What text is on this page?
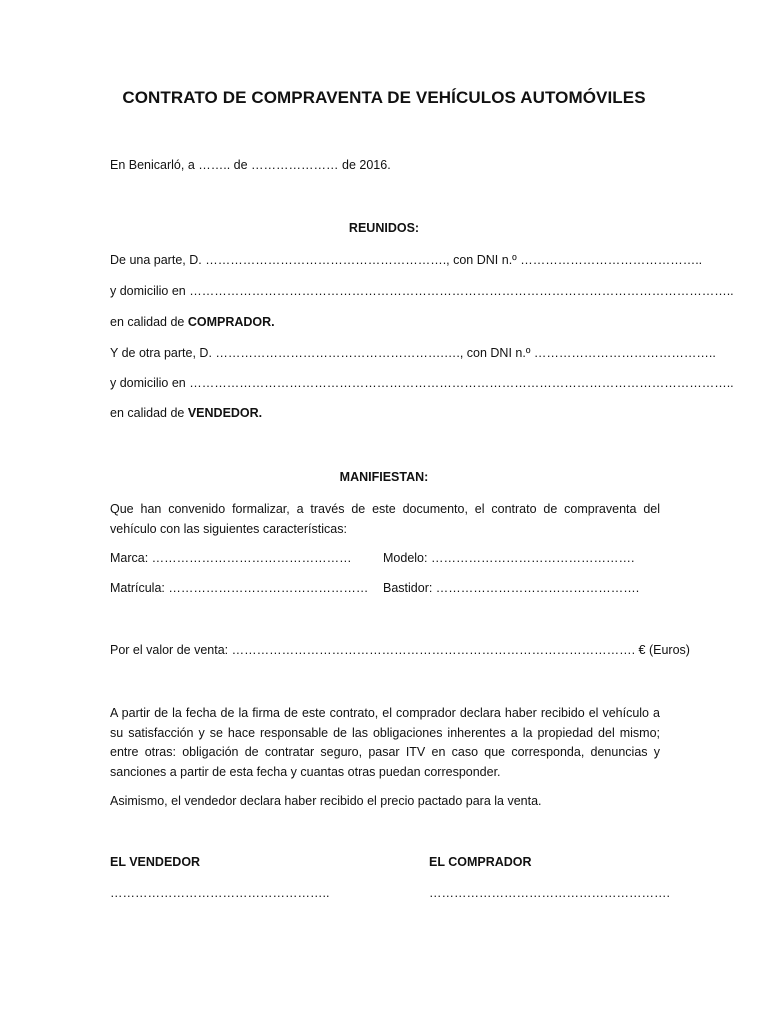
CONTRATO DE COMPRAVENTA DE VEHÍCULOS AUTOMÓVILES
En Benicarló, a …….. de ………………… de 2016.
REUNIDOS:
De una parte, D. …………………………………………………., con DNI n.º ……………………………………..
y domicilio en …………………………………………………………………………………………………………………..
en calidad de COMPRADOR.
Y de otra parte, D. ……………………………………………….…., con DNI n.º ……………………………………..
y domicilio en …………………………………………………………………………………………………………………..
en calidad de VENDEDOR.
MANIFIESTAN:
Que han convenido formalizar, a través de este documento, el contrato de compraventa del vehículo con las siguientes características:
Marca: …………………………………………	Modelo: ………………………………………….
Matrícula: ………………………………………… Bastidor: ………………………………………….
Por el valor de venta: ……………………………………………………………………………………. € (Euros)
A partir de la fecha de la firma de este contrato, el comprador declara haber recibido el vehículo a su satisfacción y se hace responsable de las obligaciones inherentes a la propiedad del mismo; entre otras: obligación de contratar seguro, pasar ITV en caso que corresponda, denuncias y sanciones a partir de esta fecha y cuantas otras puedan corresponder.
Asimismo, el vendedor declara haber recibido el precio pactado para la venta.
EL VENDEDOR	EL COMPRADOR
……………………………………………..	………………………………………………….
